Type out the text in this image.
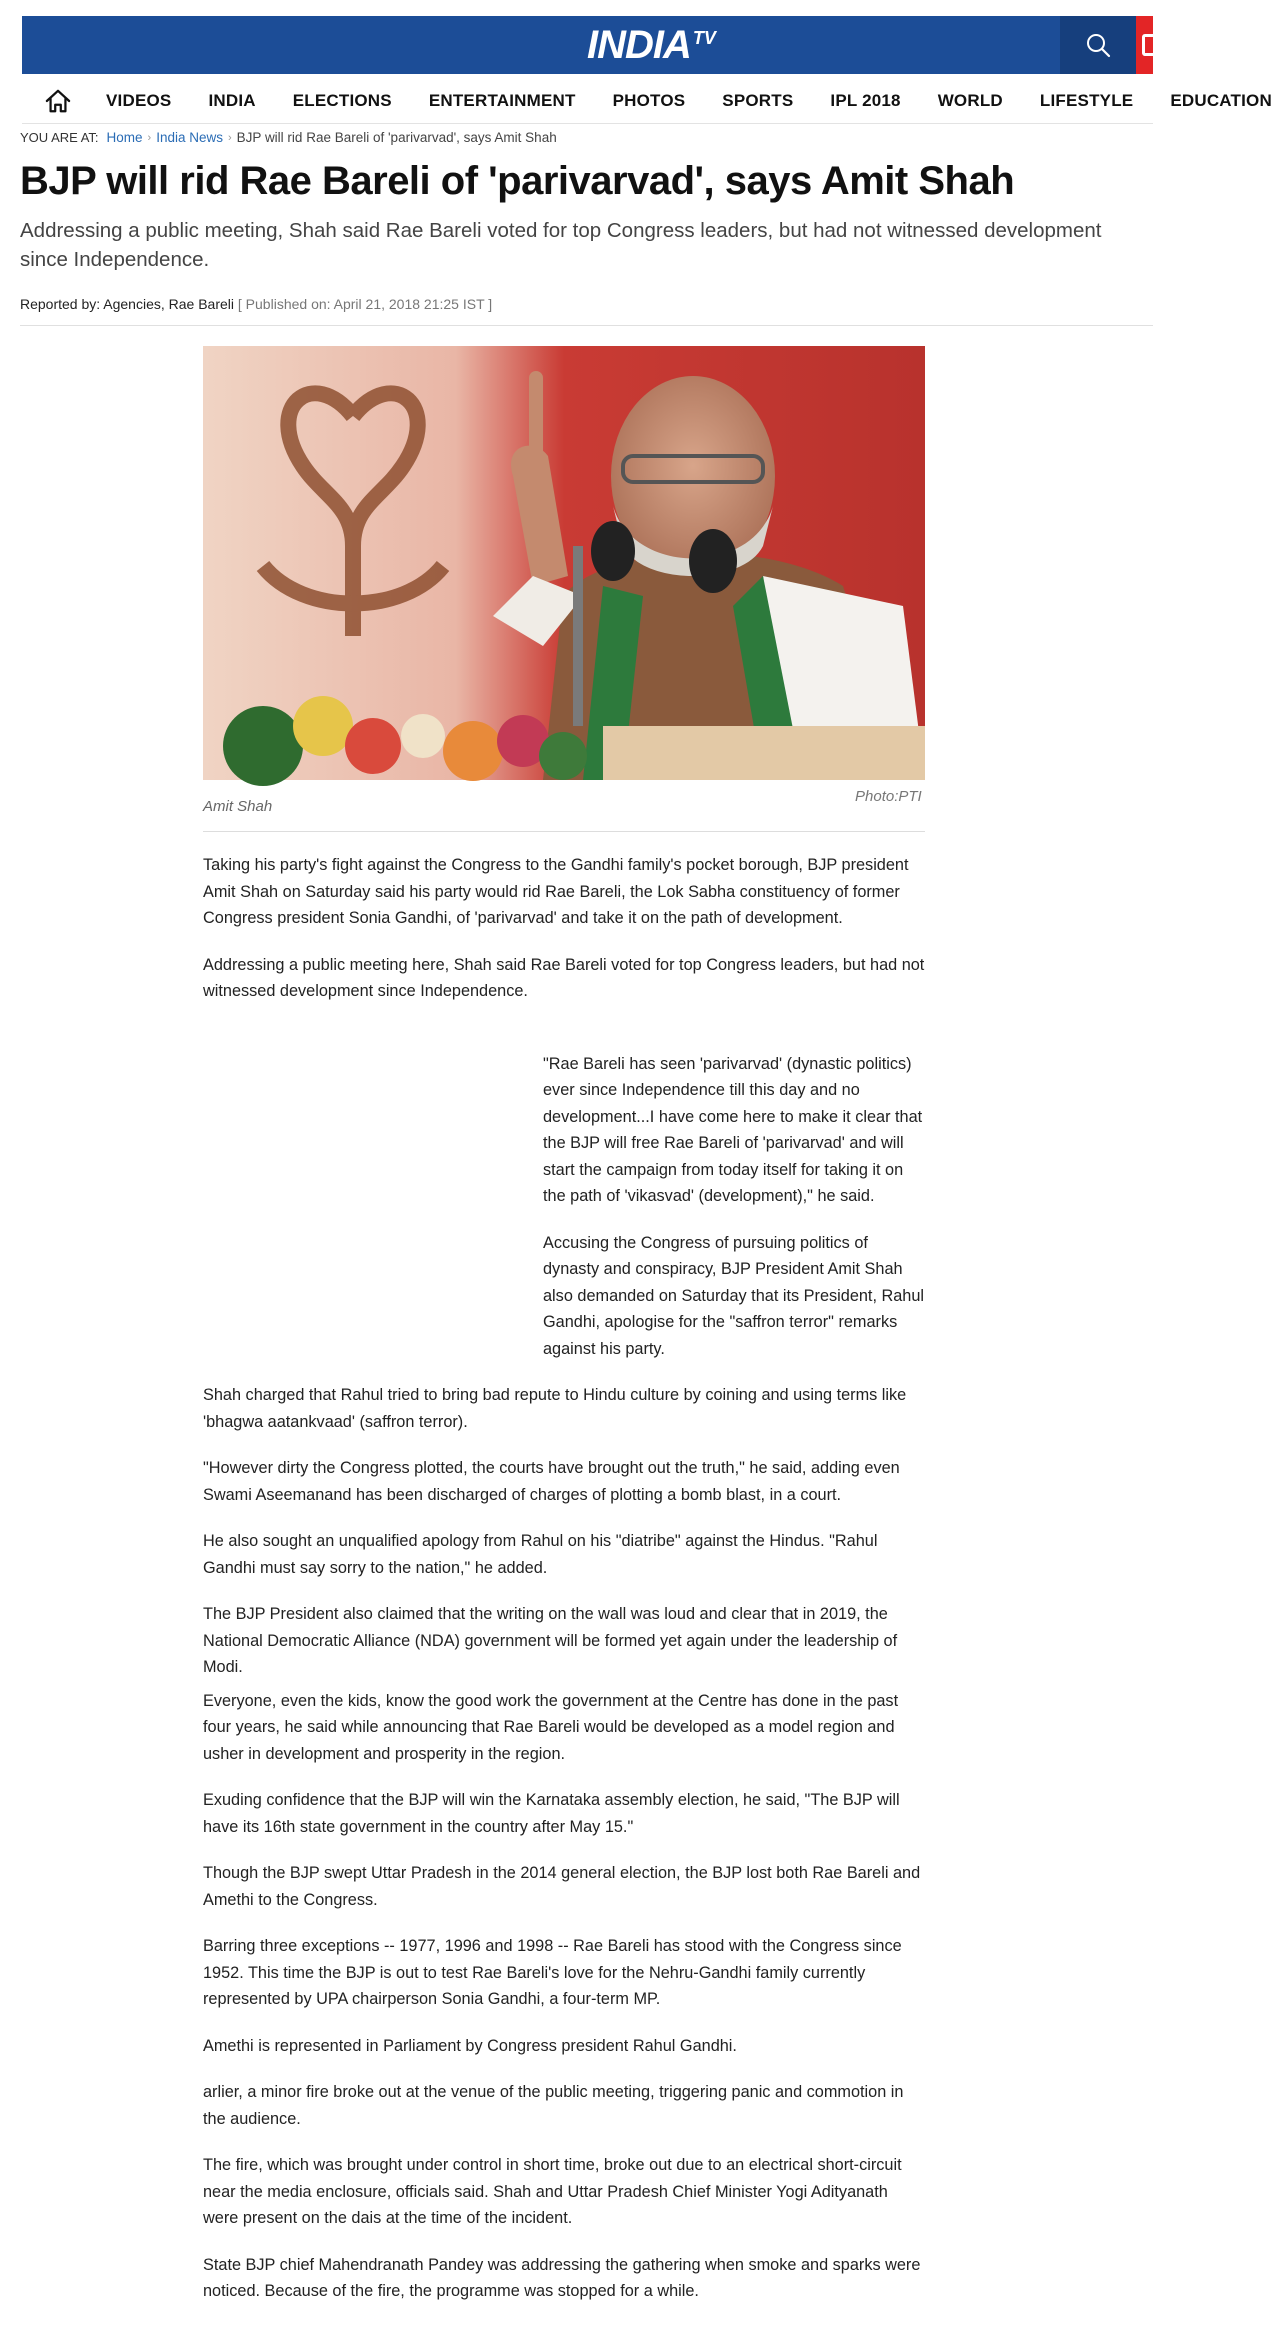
INDIA TV
VIDEOS INDIA ELECTIONS ENTERTAINMENT PHOTOS SPORTS IPL 2018 WORLD LIFESTYLE EDUCATION
YOU ARE AT: Home › India News › BJP will rid Rae Bareli of 'parivarvad', says Amit Shah
BJP will rid Rae Bareli of 'parivarvad', says Amit Shah

Addressing a public meeting, Shah said Rae Bareli voted for top Congress leaders, but had not witnessed development since Independence.

Reported by: Agencies, Rae Bareli [ Published on: April 21, 2018 21:25 IST ]
Amit Shah
Photo:PTI

Taking his party's fight against the Congress to the Gandhi family's pocket borough, BJP president Amit Shah on Saturday said his party would rid Rae Bareli, the Lok Sabha constituency of former Congress president Sonia Gandhi, of 'parivarvad' and take it on the path of development.

Addressing a public meeting here, Shah said Rae Bareli voted for top Congress leaders, but had not witnessed development since Independence.

"Rae Bareli has seen 'parivarvad' (dynastic politics) ever since Independence till this day and no development...I have come here to make it clear that the BJP will free Rae Bareli of 'parivarvad' and will start the campaign from today itself for taking it on the path of 'vikasvad' (development)," he said.

Accusing the Congress of pursuing politics of dynasty and conspiracy, BJP President Amit Shah also demanded on Saturday that its President, Rahul Gandhi, apologise for the "saffron terror" remarks against his party.

Shah charged that Rahul tried to bring bad repute to Hindu culture by coining and using terms like 'bhagwa aatankvaad' (saffron terror).

"However dirty the Congress plotted, the courts have brought out the truth," he said, adding even Swami Aseemanand has been discharged of charges of plotting a bomb blast, in a court.

He also sought an unqualified apology from Rahul on his "diatribe" against the Hindus. "Rahul Gandhi must say sorry to the nation," he added.

The BJP President also claimed that the writing on the wall was loud and clear that in 2019, the National Democratic Alliance (NDA) government will be formed yet again under the leadership of Modi.

Everyone, even the kids, know the good work the government at the Centre has done in the past four years, he said while announcing that Rae Bareli would be developed as a model region and usher in development and prosperity in the region.

Exuding confidence that the BJP will win the Karnataka assembly election, he said, "The BJP will have its 16th state government in the country after May 15."

Though the BJP swept Uttar Pradesh in the 2014 general election, the BJP lost both Rae Bareli and Amethi to the Congress.

Barring three exceptions -- 1977, 1996 and 1998 -- Rae Bareli has stood with the Congress since 1952. This time the BJP is out to test Rae Bareli's love for the Nehru-Gandhi family currently represented by UPA chairperson Sonia Gandhi, a four-term MP.

Amethi is represented in Parliament by Congress president Rahul Gandhi.

arlier, a minor fire broke out at the venue of the public meeting, triggering panic and commotion in the audience.

The fire, which was brought under control in short time, broke out due to an electrical short-circuit near the media enclosure, officials said. Shah and Uttar Pradesh Chief Minister Yogi Adityanath were present on the dais at the time of the incident.

State BJP chief Mahendranath Pandey was addressing the gathering when smoke and sparks were noticed. Because of the fire, the programme was stopped for a while.
